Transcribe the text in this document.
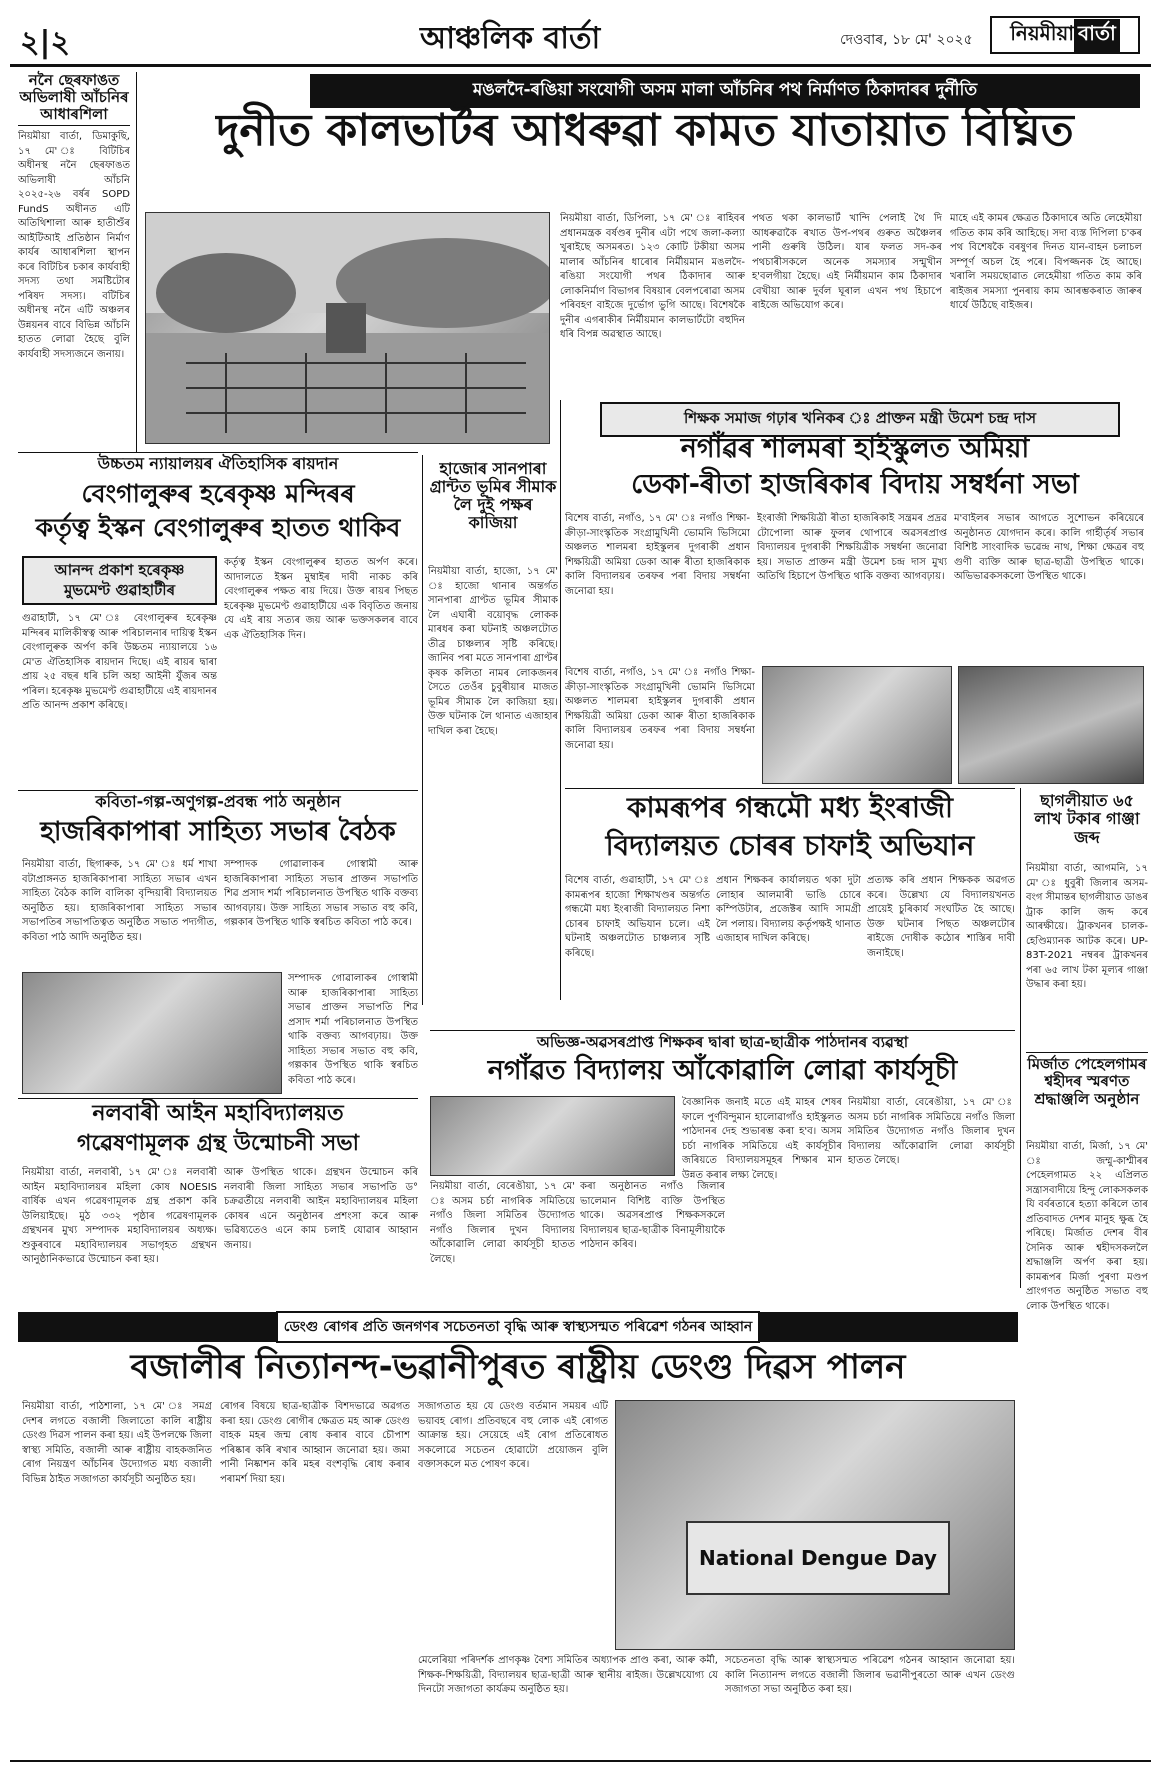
২|২	আঞ্চলিক বাৰ্তা	দেওবাৰ, ১৮ মে' ২০২৫ নিয়মীয়া বাৰ্তা
ননৈ ছেৰফাঙত
অভিলাষী আঁচনিৰ
আধাৰশিলা
নিয়মীয়া বাৰ্তা, ডিমাকুছি, ১৭ মে' ঃ বিটিচিৰ অধীনস্থ ননৈ ছেৰফাঙত অভিলাষী আঁচনি ২০২৫-২৬ বৰ্ষৰ SOPD FundS অধীনত এটি অতিথিশালা আৰু হাতীশুঁৰ আইটিআই প্ৰতিষ্ঠান নিৰ্মাণ কাৰ্যৰ আধাৰশিলা স্থাপন কৰে বিটিচিৰ চকাৰ কাৰ্যবাহী সদস্য তথা সমষ্টিটোৰ পৰিষদ সদস্য। বটিচিৰ অধীনস্থ ননৈ এটি অঞ্চলৰ উন্নয়নৰ বাবে বিভিন্ন আঁচনি হাতত লোৱা হৈছে বুলি কাৰ্যবাহী সদস্যজনে জনায়।
মঙলদৈ-ৰঙিয়া সংযোগী অসম মালা আঁচনিৰ পথ নিৰ্মাণত ঠিকাদাৰৰ দুৰ্নীতি
দুনীত কালভাৰ্টৰ আধৰুৱা কামত যাতায়াত বিঘ্নিত
নিয়মীয়া বাৰ্তা, ডিপিলা, ১৭ মে' ঃ ৰাহিবৰ প্ৰধানমন্ত্ৰক বৰ্ষণ্ডৰ দুনীৰ এটা পথে জলা-কল্যা খুৰাইছে অসমৰত। ১২৩ কোটি টকীয়া অসম মালাৰ আঁচনিৰ ধাৰোৰ নিৰ্মীয়মান মঙলদৈ-ৰঙিয়া সংযোগী পথৰ ঠিকাদাৰ আৰু লোকনিৰ্মাণ বিভাগৰ বিষয়াৰ বেলপৰোৱা অসম পৰিবহণ বাইজে দুৰ্ভোগ ভুগি আছে। বিশেষকৈ দুনীৰ এগৰাকীৰ নিৰ্মীয়মান কালভাৰ্টটো বহুদিন ধৰি বিপন্ন অৱস্থাত আছে।
পথত থকা কালভাৰ্ট খান্দি পেলাই থৈ দি আধৰুৱাকৈ ৰখাত উপ-পথৰ গুৰুত অঞ্চৈলৰ পানী গুৰুষি উঠিল। যাৰ ফলত সদ-কৰ পথচাৰীসকলে অনেক সমস্যাৰ সন্মুখীন হ'বলগীয়া হৈছে। এই নিৰ্মীয়মান কাম ঠিকাদাৰ বেখীয়া আৰু দুৰ্বল ঘূৰাল এখন পথ হিচাপে ৰাইজে অভিযোগ কৰে।
মাহে এই কামৰ ক্ষেত্ৰত ঠিকাদাৰে অতি লেহেমীয়া গতিত কাম কৰি আহিছে। সদা ব্যস্ত দিপিলা চ'কৰ পথ বিশেষকৈ বৰষুণৰ দিনত যান-বাহন চলাচল সম্পূৰ্ণ অচল হৈ পৰে। বিপজ্জনক হৈ আছে। খৰালি সময়ছোৱাত লেহেমীয়া গতিত কাম কৰি ৰাইজৰ সমস্যা পুনৰায় কাম আৰম্ভকৰাত জাৰুৰ ধাৰ্যে উঠিছে বাইজৰ।
শিক্ষক সমাজ গঢ়াৰ খনিকৰ ঃ প্ৰাক্তন মন্ত্ৰী উমেশ চন্দ্ৰ দাস
নগাঁৱৰ শালমৰা হাইস্কুলত অমিয়া
ডেকা-ৰীতা হাজৰিকাৰ বিদায় সম্বৰ্ধনা সভা
বিশেষ বাৰ্তা, নগাঁও, ১৭ মে' ঃ নগাঁও শিক্ষা-ক্ৰীড়া-সাংস্কৃতিক সংগ্ৰামুখিনী ভোমনি ভিসিমো অঞ্চলত শালমৰা হাইস্কুলৰ দুগৰাকী প্ৰধান শিক্ষয়িত্ৰী অমিয়া ডেকা আৰু ৰীতা হাজৰিকাক কালি বিদ্যালয়ৰ তৰফৰ পৰা বিদায় সম্বৰ্ধনা জনোৱা হয়।
ইংৰাজী শিক্ষয়িত্ৰী ৰীতা হাজৰিকাই সন্ত্ৰমৰ প্ৰদ্ৰৱ টোপোলা আৰু ফুলৰ থোপাৰে অৱসৰপ্ৰাপ্ত বিদ্যালয়ৰ দুগৰাকী শিক্ষয়িত্ৰীক সম্বৰ্ধনা জনোৱা হয়। সভাত প্ৰাক্তন মন্ত্ৰী উমেশ চন্দ্ৰ দাস মুখ্য অতিথি হিচাপে উপস্থিত থাকি বক্তব্য আগবঢ়ায়।
ম'বাইলৰ সভাৰ আগতে সুশোভন কৰিয়েৰে অনুষ্ঠানত যোগদান কৰে। কালি গাৰ্হীৰ্তৃৰ্ষ সভাৰ বিশিষ্ট সাংবাদিক ভৱেন্দ্ৰ নাথ, শিক্ষা ক্ষেত্ৰৰ বহু গুণী ব্যক্তি আৰু ছাত্ৰ-ছাত্ৰী উপস্থিত থাকে। অভিভাৱকসকলো উপস্থিত থাকে।
বিশেষ বাৰ্তা, নগাঁও, ১৭ মে' ঃ নগাঁও শিক্ষা-ক্ৰীড়া-সাংস্কৃতিক সংগ্ৰামুখিনী ভোমনি ভিসিমো অঞ্চলত শালমৰা হাইস্কুলৰ দুগৰাকী প্ৰধান শিক্ষয়িত্ৰী অমিয়া ডেকা আৰু ৰীতা হাজৰিকাক কালি বিদ্যালয়ৰ তৰফৰ পৰা বিদায় সম্বৰ্ধনা জনোৱা হয়।
উচ্চতম ন্যায়ালয়ৰ ঐতিহাসিক ৰায়দান
বেংগালুৰুৰ হৰেকৃষ্ণ মন্দিৰৰ
কৰ্তৃত্ব ইস্কন বেংগালুৰুৰ হাতত থাকিব
আনন্দ প্ৰকাশ হৰেকৃষ্ণ মুভমেণ্ট গুৱাহাটীৰ
গুৱাহাটী, ১৭ মে' ঃ বেংগালুৰুৰ হৰেকৃষ্ণ মন্দিৰৰ মালিকীস্বত্ব আৰু পৰিচালনাৰ দায়িত্ব ইস্কন বেংগালুৰুক অৰ্পণ কৰি উচ্চতম ন্যায়ালয়ে ১৬ মে'ত ঐতিহাসিক ৰায়দান দিছে। এই ৰায়ৰ দ্বাৰা প্ৰায় ২৫ বছৰ ধৰি চলি অহা আইনী যুঁজৰ অন্ত পৰিল। হৰেকৃষ্ণ মুভমেণ্ট গুৱাহাটীয়ে এই ৰায়দানৰ প্ৰতি আনন্দ প্ৰকাশ কৰিছে।
কৰ্তৃত্ব ইস্কন বেংগালুৰুৰ হাতত অৰ্পণ কৰে। আদালতে ইস্কন মুম্বাইৰ দাবী নাকচ কৰি বেংগালুৰুৰ পক্ষত ৰায় দিয়ে। উক্ত ৰায়ৰ পিছত হৰেকৃষ্ণ মুভমেণ্ট গুৱাহাটীয়ে এক বিবৃতিত জনায় যে এই ৰায় সত্যৰ জয় আৰু ভক্তসকলৰ বাবে এক ঐতিহাসিক দিন।
হাজোৰ সানপাৰা গ্ৰান্টত ভূমিৰ সীমাক লৈ দুই পক্ষৰ কাজিয়া
নিয়মীয়া বাৰ্তা, হাজো, ১৭ মে' ঃ হাজো থানাৰ অন্তৰ্গত সানপাৰা গ্ৰাণ্টত ভূমিৰ সীমাক লৈ এঘাৰী বয়োবৃদ্ধ লোকক মাৰধৰ কৰা ঘটনাই অঞ্চলটোত তীব্ৰ চাঞ্চল্যৰ সৃষ্টি কৰিছে। জানিব পৰা মতে সানপাৰা গ্ৰাণ্টৰ কৃষক কলিতা নামৰ লোকজনৰ সৈতে তেওঁৰ চুবুৰীয়াৰ মাজত ভূমিৰ সীমাক লৈ কাজিয়া হয়। উক্ত ঘটনাক লৈ থানাত এজাহাৰ দাখিল কৰা হৈছে।
কবিতা-গল্প-অণুগল্প-প্ৰবন্ধ পাঠ অনুষ্ঠান
হাজৰিকাপাৰা সাহিত্য সভাৰ বৈঠক
নিয়মীয়া বাৰ্তা, ছিগাৰুক, ১৭ মে' ঃ ধৰ্ম শাখা বটাপ্ৰাঙ্গনত হাজৰিকাপাৰা সাহিত্য সভাৰ এখন সাহিত্য বৈঠক কালি বালিকা বৃন্দিয়াৰী বিদ্যালয়ত অনুষ্ঠিত হয়। হাজৰিকাপাৰা সাহিত্য সভাৰ সভাপতিৰ সভাপতিত্বত অনুষ্ঠিত সভাত পদ্যগীত, কবিতা পাঠ আদি অনুষ্ঠিত হয়।
সম্পাদক গোৱালাকৰ গোস্বামী আৰু হাজৰিকাপাৰা সাহিত্য সভাৰ প্ৰাক্তন সভাপতি শিৱ প্ৰসাদ শৰ্মা পৰিচালনাত উপস্থিত থাকি বক্তব্য আগবঢ়ায়। উক্ত সাহিত্য সভাৰ সভাত বহু কবি, গল্পকাৰ উপস্থিত থাকি স্বৰচিত কবিতা পাঠ কৰে।
সম্পাদক গোৱালাকৰ গোস্বামী আৰু হাজৰিকাপাৰা সাহিত্য সভাৰ প্ৰাক্তন সভাপতি শিৱ প্ৰসাদ শৰ্মা পৰিচালনাত উপস্থিত থাকি বক্তব্য আগবঢ়ায়। উক্ত সাহিত্য সভাৰ সভাত বহু কবি, গল্পকাৰ উপস্থিত থাকি স্বৰচিত কবিতা পাঠ কৰে।
নলবাৰী আইন মহাবিদ্যালয়ত
গৱেষণামূলক গ্ৰন্থ উন্মোচনী সভা
নিয়মীয়া বাৰ্তা, নলবাৰী, ১৭ মে' ঃ নলবাৰী আইন মহাবিদ্যালয়ৰ মহিলা কোষ NOESIS বাৰ্ষিক এখন গৱেষণামূলক গ্ৰন্থ প্ৰকাশ কৰি উলিয়াইছে। মুঠ ৩৩২ পৃষ্ঠাৰ গৱেষণামূলক গ্ৰন্থখনৰ মুখ্য সম্পাদক মহাবিদ্যালয়ৰ অধ্যক্ষ। শুকুৰবাৰে মহাবিদ্যালয়ৰ সভাগৃহত গ্ৰন্থখন আনুষ্ঠানিকভাৱে উন্মোচন কৰা হয়।
আৰু উপস্থিত থাকে। গ্ৰন্থখন উন্মোচন কৰি নলবাৰী জিলা সাহিত্য সভাৰ সভাপতি ড° চক্ৰৱৰ্তীয়ে নলবাৰী আইন মহাবিদ্যালয়ৰ মহিলা কোষৰ এনে অনুষ্ঠানৰ প্ৰশংসা কৰে আৰু ভৱিষ্যতেও এনে কাম চলাই যোৱাৰ আহ্বান জনায়।
কামৰূপৰ গন্ধমৌ মধ্য ইংৰাজী
বিদ্যালয়ত চোৰৰ চাফাই অভিযান
বিশেষ বাৰ্তা, গুৱাহাটী, ১৭ মে' ঃ কামৰূপৰ হাজো শিক্ষাখণ্ডৰ অন্তৰ্গত গন্ধমৌ মধ্য ইংৰাজী বিদ্যালয়ত নিশা চোৰৰ চাফাই অভিযান চলে। এই ঘটনাই অঞ্চলটোত চাঞ্চল্যৰ সৃষ্টি কৰিছে।
প্ৰধান শিক্ষকৰ কাৰ্যালয়ত থকা দুটা লোহাৰ আলমাৰী ভাঙি চোৰে কম্পিউটাৰ, প্ৰজেক্টৰ আদি সামগ্ৰী লৈ পলায়। বিদ্যালয় কৰ্তৃপক্ষই থানাত এজাহাৰ দাখিল কৰিছে।
প্ৰত্যক্ষ কৰি প্ৰধান শিক্ষকক অৱগত কৰে। উল্লেখ্য যে বিদ্যালয়খনত প্ৰায়েই চুৰিকাৰ্য সংঘটিত হৈ আছে। উক্ত ঘটনাৰ পিছত অঞ্চলটোৰ ৰাইজে দোষীক কঠোৰ শাস্তিৰ দাবী জনাইছে।
ছাগলীয়াত ৬৫ লাখ টকাৰ গাঞ্জা জব্দ
নিয়মীয়া বাৰ্তা, আগমনি, ১৭ মে' ঃ ধুবুৰী জিলাৰ অসম-বংগ সীমান্তৰ ছাগলীয়াত ডাঙৰ ট্ৰাক কালি জব্দ কৰে আৰক্ষীয়ে। ট্ৰাকখনৰ চালক-হেণ্ডিম্যানক আটক কৰে। UP-83T-2021 নম্বৰৰ ট্ৰাকখনৰ পৰা ৬৫ লাখ টকা মূল্যৰ গাঞ্জা উদ্ধাৰ কৰা হয়।
মিৰ্জাত পেহেলগামৰ শ্বহীদৰ স্মৰণত শ্ৰদ্ধাঞ্জলি অনুষ্ঠান
নিয়মীয়া বাৰ্তা, মিৰ্জা, ১৭ মে' ঃ জম্মু-কাশ্মীৰৰ পেহেলগামত ২২ এপ্ৰিলত সন্ত্ৰাসবাদীয়ে হিন্দু লোকসকলক যি বৰ্বৰতাৰে হত্যা কৰিলে তাৰ প্ৰতিবাদত দেশৰ মানুহ ক্ষুব্ধ হৈ পৰিছে। মিৰ্জাত দেশৰ বীৰ সৈনিক আৰু শ্বহীদসকললৈ শ্ৰদ্ধাঞ্জলি অৰ্পণ কৰা হয়। কামৰূপৰ মিৰ্জা পুৰণা মণ্ডপ প্ৰাংগণত অনুষ্ঠিত সভাত বহু লোক উপস্থিত থাকে।
অভিজ্ঞ-অৱসৰপ্ৰাপ্ত শিক্ষকৰ দ্বাৰা ছাত্ৰ-ছাত্ৰীক পাঠদানৰ ব্যৱস্থা
নগাঁৱত বিদ্যালয় আঁকোৱালি লোৱা কাৰ্যসূচী
নিয়মীয়া বাৰ্তা, বেৰেঙীয়া, ১৭ মে' ঃ অসম চৰ্চা নাগৰিক সমিতিয়ে নগাঁও জিলা সমিতিৰ উদ্যোগত নগাঁও জিলাৰ দুখন বিদ্যালয় আঁকোৱালি লোৱা কাৰ্যসূচী হাতত লৈছে।
কৰা অনুষ্ঠানত নগাঁও জিলাৰ ভালেমান বিশিষ্ট ব্যক্তি উপস্থিত থাকে। অৱসৰপ্ৰাপ্ত শিক্ষকসকলে বিদ্যালয়ৰ ছাত্ৰ-ছাত্ৰীক বিনামূলীয়াকৈ পাঠদান কৰিব।
বৈজ্ঞানিক জনাই মতে এই মাহৰ শেষৰ ফালে পুৰ্ণবিন্দুমান হালোৱাগাঁও হাইস্কুলত পাঠদানৰ দেহ শুভাৰম্ভ কৰা হ'ব। অসম চৰ্চা নাগৰিক সমিতিয়ে এই কাৰ্যসূচীৰ জৰিয়তে বিদ্যালয়সমূহৰ শিক্ষাৰ মান উন্নত কৰাৰ লক্ষ্য লৈছে।
নিয়মীয়া বাৰ্তা, বেৰেঙীয়া, ১৭ মে' ঃ অসম চৰ্চা নাগৰিক সমিতিয়ে নগাঁও জিলা সমিতিৰ উদ্যোগত নগাঁও জিলাৰ দুখন বিদ্যালয় আঁকোৱালি লোৱা কাৰ্যসূচী হাতত লৈছে।
ডেংগু ৰোগৰ প্ৰতি জনগণৰ সচেতনতা বৃদ্ধি আৰু স্বাস্থ্যসন্মত পৰিৱেশ গঠনৰ আহ্বান
বজালীৰ নিত্যানন্দ-ভৱানীপুৰত ৰাষ্ট্ৰীয় ডেংগু দিৱস পালন
নিয়মীয়া বাৰ্তা, পাঠশালা, ১৭ মে' ঃ সমগ্ৰ দেশৰ লগতে বজালী জিলাতো কালি ৰাষ্ট্ৰীয় ডেংগু দিৱস পালন কৰা হয়। এই উপলক্ষে জিলা স্বাস্থ্য সমিতি, বজালী আৰু ৰাষ্ট্ৰীয় বাহকজনিত ৰোগ নিয়ন্ত্ৰণ আঁচনিৰ উদ্যোগত মধ্য বজালী বিভিন্ন ঠাইত সজাগতা কাৰ্যসূচী অনুষ্ঠিত হয়।
ৰোগৰ বিষয়ে ছাত্ৰ-ছাত্ৰীক বিশদভাৱে অৱগত কৰা হয়। ডেংগু ৰোগীৰ ক্ষেত্ৰত মহ আৰু ডেংগু বাহক মহৰ জন্ম ৰোধ কৰাৰ বাবে চৌপাশ পৰিষ্কাৰ কৰি ৰখাৰ আহ্বান জনোৱা হয়। জমা পানী নিষ্কাশন কৰি মহৰ বংশবৃদ্ধি ৰোধ কৰাৰ পৰামৰ্শ দিয়া হয়।
সজাগতাত হয় যে ডেংগু বৰ্তমান সময়ৰ এটি ভয়াবহ ৰোগ। প্ৰতিবছৰে বহু লোক এই ৰোগত আক্ৰান্ত হয়। সেয়েহে এই ৰোগ প্ৰতিৰোধত সকলোৱে সচেতন হোৱাটো প্ৰয়োজন বুলি বক্তাসকলে মত পোষণ কৰে।
National Dengue Day
মেলেৰিয়া পৰিদৰ্শক প্ৰাণকৃষ্ণ বৈশ্য সমিতিৰ অধ্যাপক প্ৰাণ্ড কৰা, আৰু কৰ্মী, শিক্ষক-শিক্ষয়িত্ৰী, বিদ্যালয়ৰ ছাত্ৰ-ছাত্ৰী আৰু স্থানীয় ৰাইজ। উল্লেখযোগ্য যে দিনটো সজাগতা কাৰ্যক্ৰম অনুষ্ঠিত হয়।
সচেতনতা বৃদ্ধি আৰু স্বাস্থ্যসন্মত পৰিৱেশ গঠনৰ আহ্বান জনোৱা হয়। কালি নিত্যানন্দ লগতে বজালী জিলাৰ ভৱানীপুৰতো আৰু এখন ডেংগু সজাগতা সভা অনুষ্ঠিত কৰা হয়।
